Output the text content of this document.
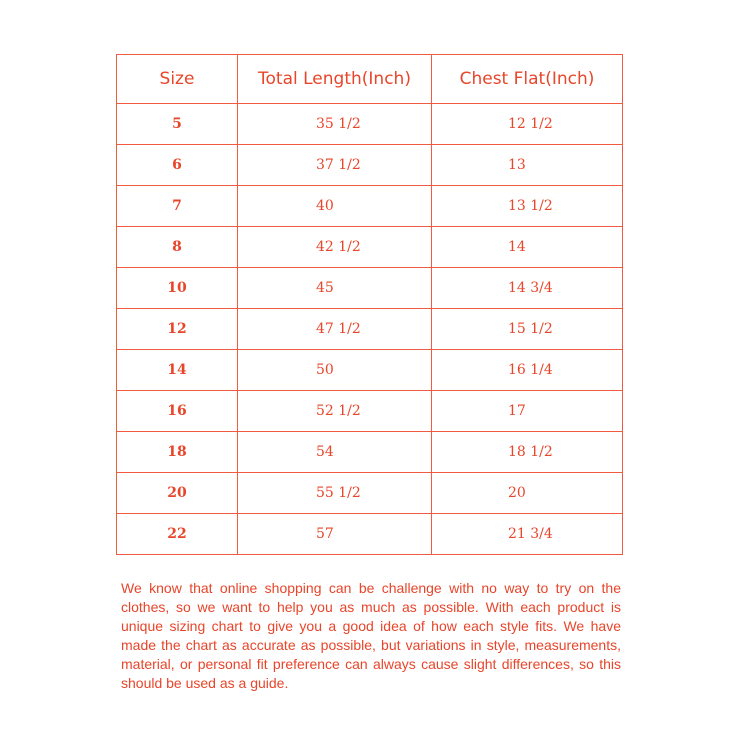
Size	Total Length(Inch)	Chest Flat(Inch)
5	35 1/2	12 1/2
6	37 1/2	13
7	40	13 1/2
8	42 1/2	14
10	45	14 3/4
12	47 1/2	15 1/2
14	50	16 1/4
16	52 1/2	17
18	54	18 1/2
20	55 1/2	20
22	57	21 3/4

We know that online shopping can be challenge with no way to try on the clothes, so we want to help you as much as possible. With each product is unique sizing chart to give you a good idea of how each style fits. We have made the chart as accurate as possible, but variations in style, measurements, material, or personal fit preference can always cause slight differences, so this should be used as a guide.
